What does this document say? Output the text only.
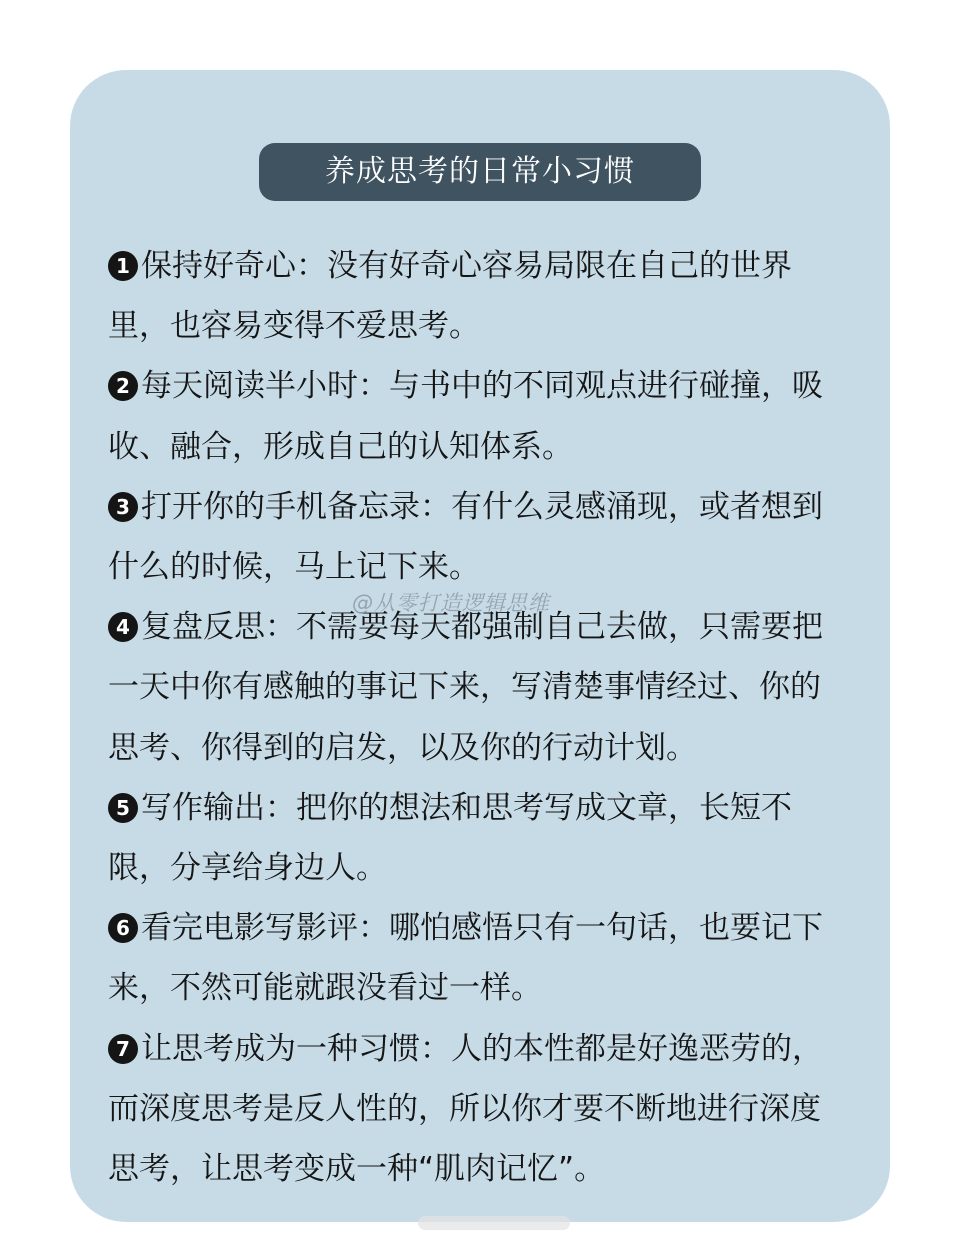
养成思考的日常小习惯

1 保持好奇心：没有好奇心容易局限在自己的世界里，也容易变得不爱思考。

2 每天阅读半小时：与书中的不同观点进行碰撞，吸收、融合，形成自己的认知体系。

3 打开你的手机备忘录：有什么灵感涌现，或者想到什么的时候，马上记下来。

4 复盘反思：不需要每天都强制自己去做，只需要把一天中你有感触的事记下来，写清楚事情经过、你的思考、你得到的启发，以及你的行动计划。

5 写作输出：把你的想法和思考写成文章，长短不限，分享给身边人。

6 看完电影写影评：哪怕感悟只有一句话，也要记下来，不然可能就跟没看过一样。

7 让思考成为一种习惯：人的本性都是好逸恶劳的，而深度思考是反人性的，所以你才要不断地进行深度思考，让思考变成一种“肌肉记忆”。

@从零打造逻辑思维
